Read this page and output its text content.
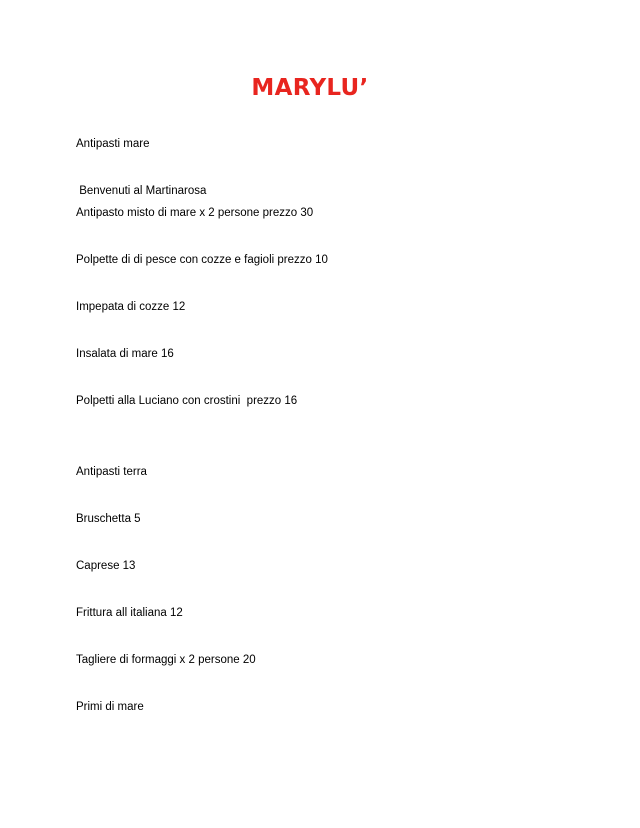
MARYLU’
Antipasti mare
Benvenuti al Martinarosa
Antipasto misto di mare x 2 persone prezzo 30
Polpette di di pesce con cozze e fagioli prezzo 10
Impepata di cozze 12
Insalata di mare 16
Polpetti alla Luciano con crostini  prezzo 16
Antipasti terra
Bruschetta 5
Caprese 13
Frittura all italiana 12
Tagliere di formaggi x 2 persone 20
Primi di mare
